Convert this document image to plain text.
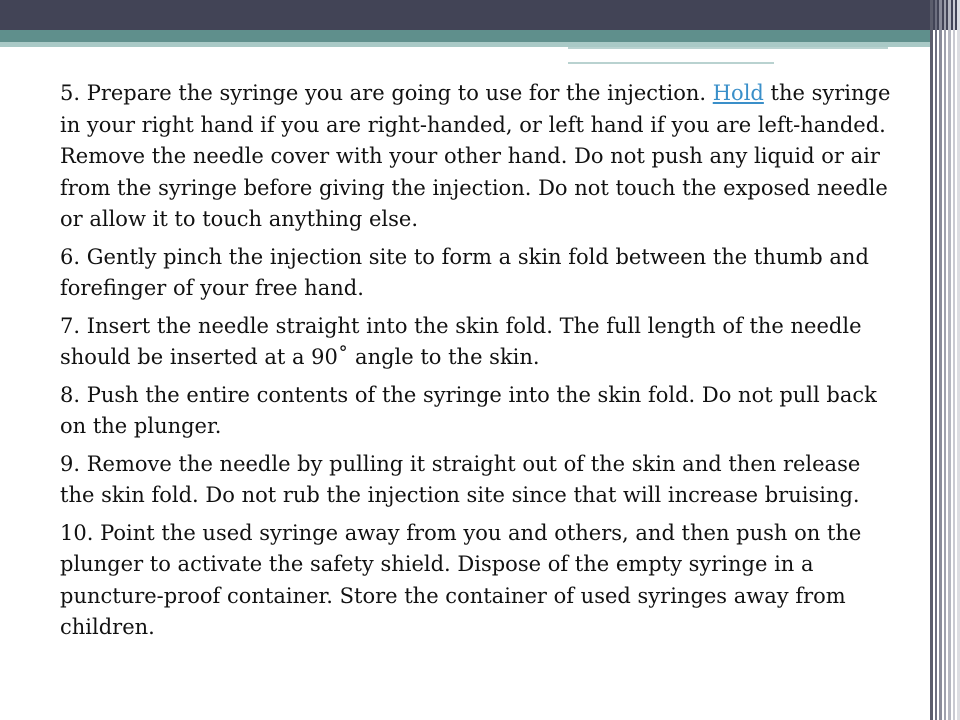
5. Prepare the syringe you are going to use for the injection. Hold the syringe in your right hand if you are right-handed, or left hand if you are left-handed. Remove the needle cover with your other hand. Do not push any liquid or air from the syringe before giving the injection. Do not touch the exposed needle or allow it to touch anything else.

6. Gently pinch the injection site to form a skin fold between the thumb and forefinger of your free hand.

7. Insert the needle straight into the skin fold. The full length of the needle should be inserted at a 90˚ angle to the skin.

8. Push the entire contents of the syringe into the skin fold. Do not pull back on the plunger.

9. Remove the needle by pulling it straight out of the skin and then release the skin fold. Do not rub the injection site since that will increase bruising.

10. Point the used syringe away from you and others, and then push on the plunger to activate the safety shield. Dispose of the empty syringe in a puncture-proof container. Store the container of used syringes away from children.
